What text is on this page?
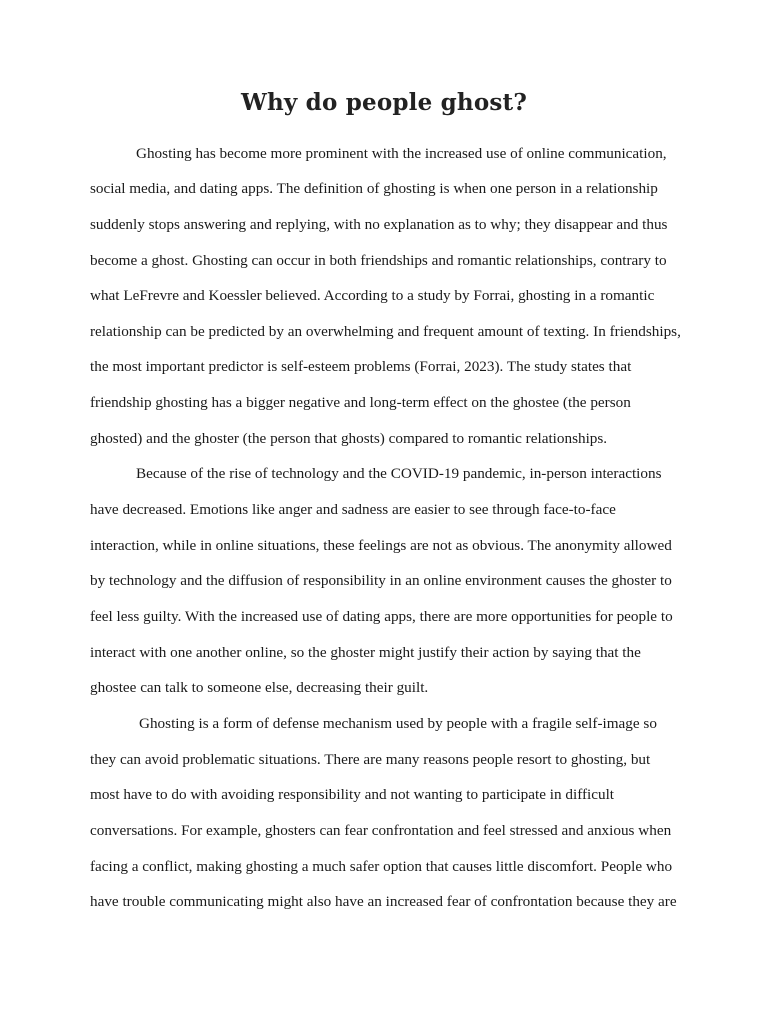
Why do people ghost?
Ghosting has become more prominent with the increased use of online communication,
social media, and dating apps. The definition of ghosting is when one person in a relationship
suddenly stops answering and replying, with no explanation as to why; they disappear and thus
become a ghost. Ghosting can occur in both friendships and romantic relationships, contrary to
what LeFrevre and Koessler believed. According to a study by Forrai, ghosting in a romantic
relationship can be predicted by an overwhelming and frequent amount of texting. In friendships,
the most important predictor is self-esteem problems (Forrai, 2023). The study states that
friendship ghosting has a bigger negative and long-term effect on the ghostee (the person
ghosted) and the ghoster (the person that ghosts) compared to romantic relationships.
Because of the rise of technology and the COVID-19 pandemic, in-person interactions
have decreased. Emotions like anger and sadness are easier to see through face-to-face
interaction, while in online situations, these feelings are not as obvious. The anonymity allowed
by technology and the diffusion of responsibility in an online environment causes the ghoster to
feel less guilty. With the increased use of dating apps, there are more opportunities for people to
interact with one another online, so the ghoster might justify their action by saying that the
ghostee can talk to someone else, decreasing their guilt.
Ghosting is a form of defense mechanism used by people with a fragile self-image so
they can avoid problematic situations. There are many reasons people resort to ghosting, but
most have to do with avoiding responsibility and not wanting to participate in difficult
conversations. For example, ghosters can fear confrontation and feel stressed and anxious when
facing a conflict, making ghosting a much safer option that causes little discomfort. People who
have trouble communicating might also have an increased fear of confrontation because they are
